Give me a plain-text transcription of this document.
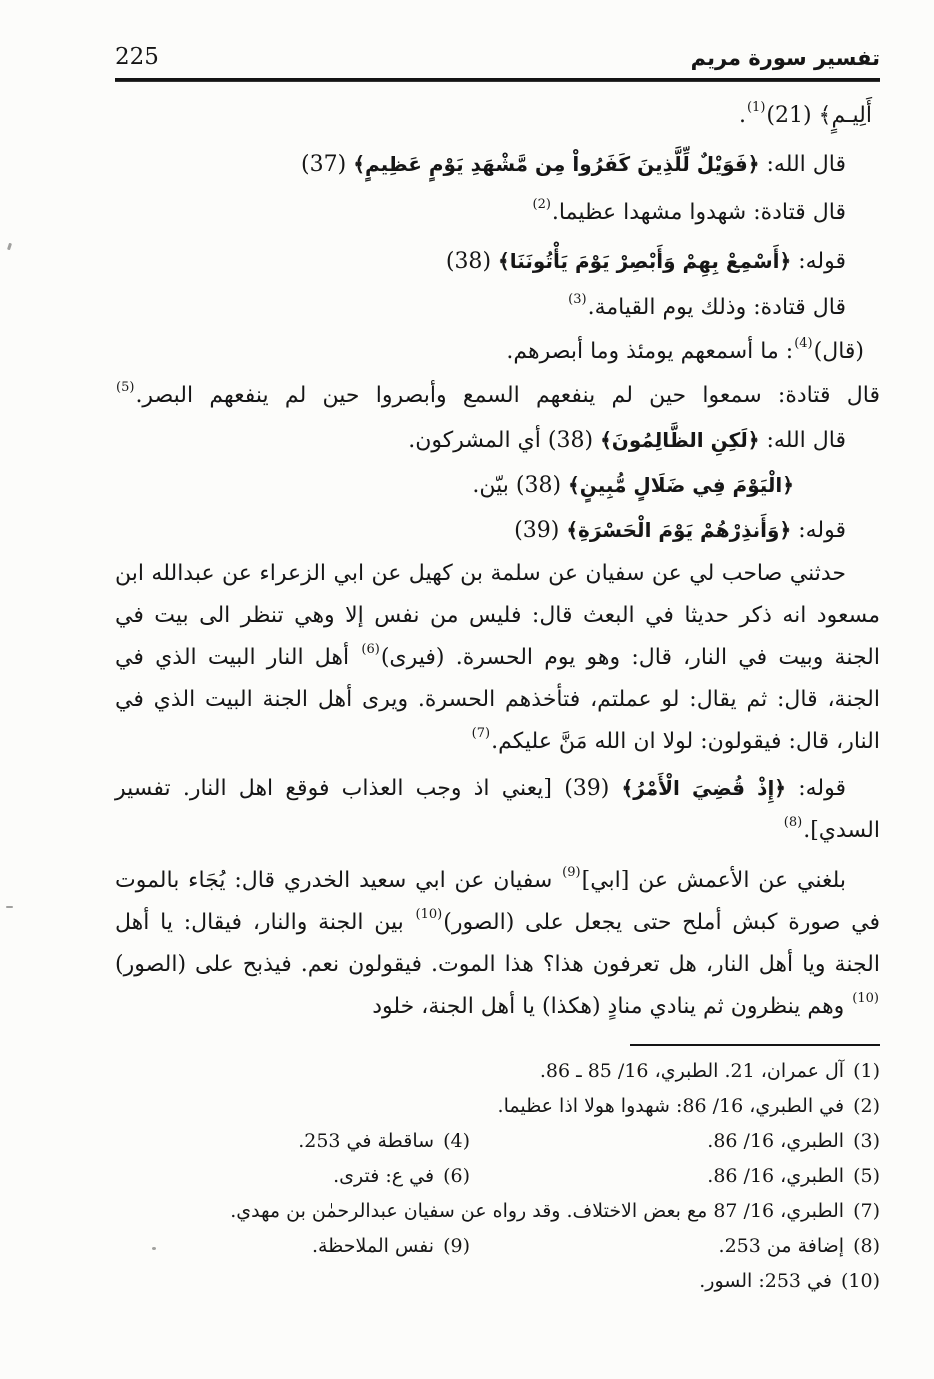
تفسير سورة مريم
225
أَلِيـمٍ﴾ (21)$^{(1)}$.
قال الله: ﴿فَوَيْلٌ لِّلَّذِينَ كَفَرُواْ مِن مَّشْهَدِ يَوْمٍ عَظِيمٍ﴾ (37)
قال قتادة: شهدوا مشهدا عظيما.$^{(2)}$
قوله: ﴿أَسْمِعْ بِهِمْ وَأَبْصِرْ يَوْمَ يَأْتُونَنَا﴾ (38)
قال قتادة: وذلك يوم القيامة.$^{(3)}$
(قال)$^{(4)}$: ما أسمعهم يومئذ وما أبصرهم.
قال قتادة: سمعوا حين لم ينفعهم السمع وأبصروا حين لم ينفعهم البصر.$^{(5)}$
قال الله: ﴿لَكِنِ الظَّالِمُونَ﴾ (38) أي المشركون.
﴿الْيَوْمَ فِي ضَلَالٍ مُّبِينٍ﴾ (38) بيّن.
قوله: ﴿وَأَنذِرْهُمْ يَوْمَ الْحَسْرَةِ﴾ (39)
حدثني صاحب لي عن سفيان عن سلمة بن كهيل عن ابي الزعراء عن عبدالله ابن مسعود انه ذكر حديثا في البعث قال: فليس من نفس إلا وهي تنظر الى بيت في الجنة وبيت في النار، قال: وهو يوم الحسرة. (فيرى)$^{(6)}$ أهل النار البيت الذي في الجنة، قال: ثم يقال: لو عملتم، فتأخذهم الحسرة. ويرى أهل الجنة البيت الذي في النار، قال: فيقولون: لولا ان الله مَنَّ عليكم.$^{(7)}$
قوله: ﴿إِذْ قُضِيَ الْأَمْرُ﴾ (39) [يعني اذ وجب العذاب فوقع اهل النار. تفسير السدي].$^{(8)}$
بلغني عن الأعمش عن [ابي]$^{(9)}$ سفيان عن ابي سعيد الخدري قال: يُجَاء بالموت في صورة كبش أملح حتى يجعل على (الصور)$^{(10)}$ بين الجنة والنار، فيقال: يا أهل الجنة ويا أهل النار، هل تعرفون هذا؟ هذا الموت. فيقولون نعم. فيذبح على (الصور)$^{(10)}$ وهم ينظرون ثم ينادي منادٍ (هكذا) يا أهل الجنة، خلود
(1)آل عمران، 21. الطبري، 16/ 85 ـ 86.
(2)في الطبري، 16/ 86: شهدوا هولا اذا عظيما.
(3)الطبري، 16/ 86.
(4)ساقطة في 253.
(5)الطبري، 16/ 86.
(6)في ع: فترى.
(7)الطبري، 16/ 87 مع بعض الاختلاف. وقد رواه عن سفيان عبدالرحمٰن بن مهدي.
(8)إضافة من 253.
(9)نفس الملاحظة.
(10)في 253: السور.
